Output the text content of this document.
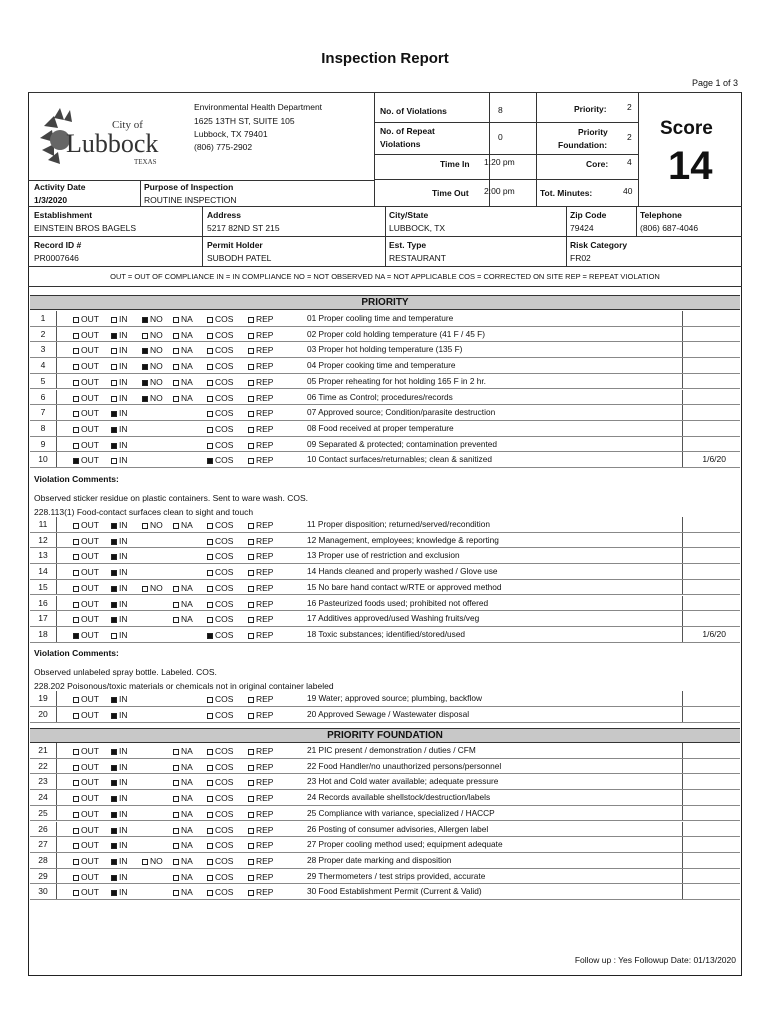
Inspection Report
Page 1 of 3
City of
Lubbock
TEXAS
Environmental Health Department
1625 13TH ST, SUITE 105
Lubbock, TX 79401
(806) 775-2902
No. of Violations	8
No. of Repeat
Violations
0
Priority: 2
Priority
Foundation:
2
Time In 1:20 pm	Core: 4
Time Out 2:00 pm	Tot. Minutes:	40
Score
14
Activity Date
1/3/2020
Purpose of Inspection
ROUTINE INSPECTION
Establishment
EINSTEIN BROS BAGELS
Address
5217 82ND ST 215
City/State
LUBBOCK, TX
Zip Code
79424
Telephone
(806) 687-4046
Record ID #
PR0007646
Permit Holder
SUBODH PATEL
Est. Type
RESTAURANT
Risk Category
FR02
OUT = OUT OF COMPLIANCE IN = IN COMPLIANCE NO = NOT OBSERVED NA = NOT APPLICABLE COS = CORRECTED ON SITE REP = REPEAT VIOLATION
PRIORITY
PRIORITY FOUNDATION
Violation Comments:
Observed sticker residue on plastic containers. Sent to ware wash. COS.
228.113(1) Food-contact surfaces clean to sight and touch
Violation Comments:
Observed unlabeled spray bottle. Labeled. COS.
228.202 Poisonous/toxic materials or chemicals not in original container labeled
1	OUT	IN	NO	NA	COS	REP	01 Proper cooling time and temperature
2	OUT	IN	NO	NA	COS	REP	02 Proper cold holding temperature (41 F / 45 F)
3	OUT	IN	NO	NA	COS	REP	03 Proper hot holding temperature (135 F)
4	OUT	IN	NO	NA	COS	REP	04 Proper cooking time and temperature
5	OUT	IN	NO	NA	COS	REP	05 Proper reheating for hot holding 165 F in 2 hr.
6	OUT	IN	NO	NA	COS	REP	06 Time as Control; procedures/records
7	OUT	IN	COS	REP	07 Approved source; Condition/parasite destruction
8	OUT	IN	COS	REP	08 Food received at proper temperature
9	OUT	IN	COS	REP	09 Separated & protected; contamination prevented
10	OUT	IN	COS	REP	10 Contact surfaces/returnables; clean & sanitized	1/6/20
11	OUT	IN	NO	NA	COS	REP	11 Proper disposition; returned/served/recondition
12	OUT	IN	COS	REP	12 Management, employees; knowledge & reporting
13	OUT	IN	COS	REP	13 Proper use of restriction and exclusion
14	OUT	IN	COS	REP	14 Hands cleaned and properly washed / Glove use
15	OUT	IN	NO	NA	COS	REP	15 No bare hand contact w/RTE or approved method
16	OUT	IN	NA	COS	REP	16 Pasteurized foods used; prohibited not offered
17	OUT	IN	NA	COS	REP	17 Additives approved/used Washing fruits/veg
18	OUT	IN	COS	REP	18 Toxic substances; identified/stored/used	1/6/20
19	OUT	IN	COS	REP	19 Water; approved source; plumbing, backflow
20	OUT	IN	COS	REP	20 Approved Sewage / Wastewater disposal
21	OUT	IN	NA	COS	REP	21 PIC present / demonstration / duties / CFM
22	OUT	IN	NA	COS	REP	22 Food Handler/no unauthorized persons/personnel
23	OUT	IN	NA	COS	REP	23 Hot and Cold water available; adequate pressure
24	OUT	IN	NA	COS	REP	24 Records available shellstock/destruction/labels
25	OUT	IN	NA	COS	REP	25 Compliance with variance, specialized / HACCP
26	OUT	IN	NA	COS	REP	26 Posting of consumer advisories, Allergen label
27	OUT	IN	NA	COS	REP	27 Proper cooling method used; equipment adequate
28	OUT	IN	NO	NA	COS	REP	28 Proper date marking and disposition
29	OUT	IN	NA	COS	REP	29 Thermometers / test strips provided, accurate
30	OUT	IN	NA	COS	REP	30 Food Establishment Permit (Current & Valid)
Follow up : Yes Followup Date: 01/13/2020
